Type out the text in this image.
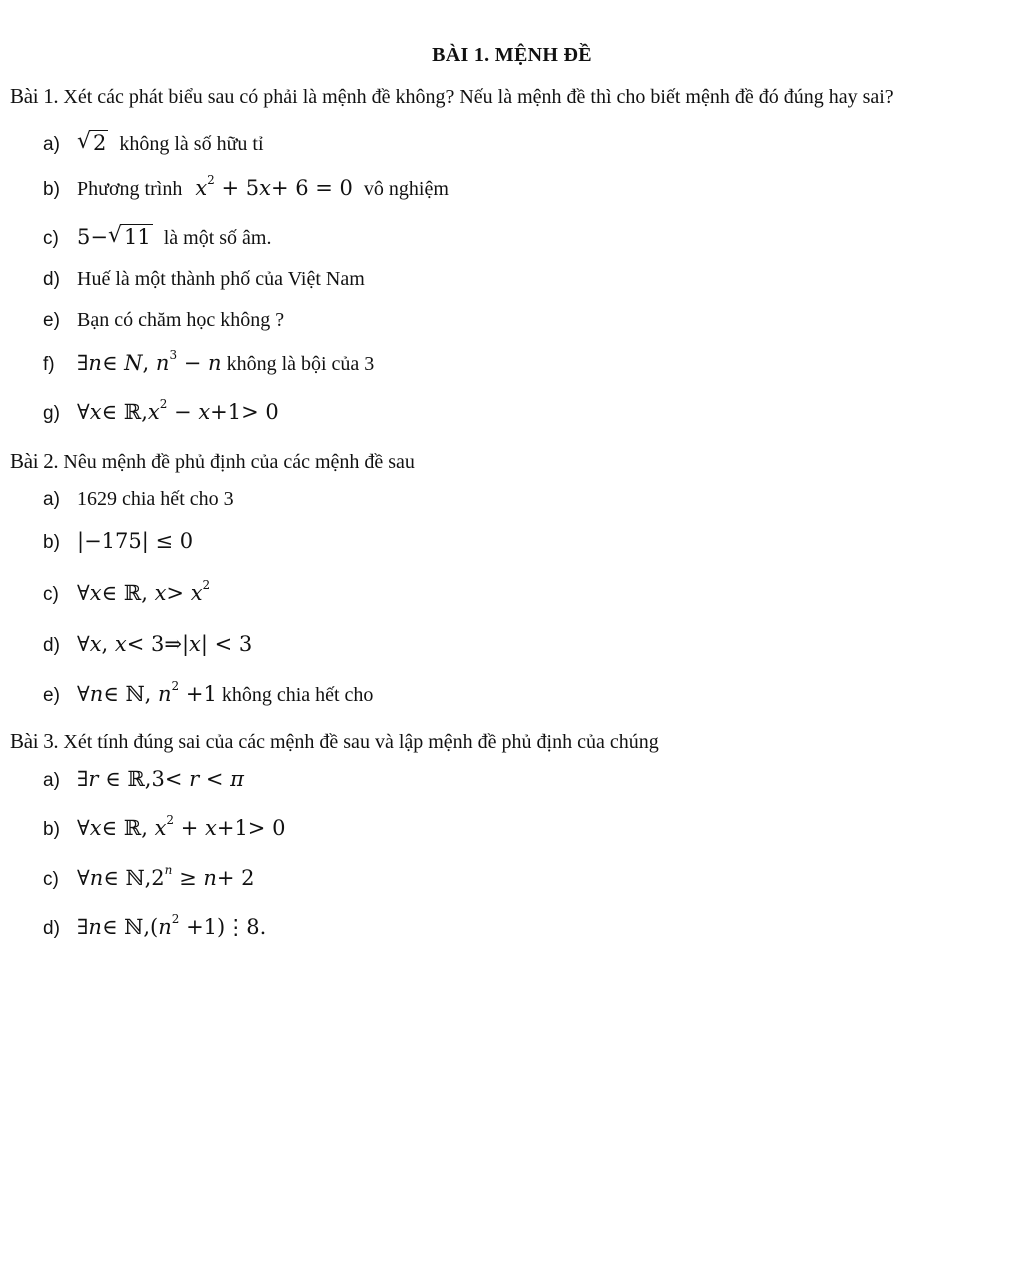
BÀI 1. MỆNH ĐỀ
Bài 1. Xét các phát biểu sau có phải là mệnh đề không? Nếu là mệnh đề thì cho biết mệnh đề đó đúng hay sai?
a) √ 2 không là số hữu tỉ
b) Phương trình $x^2 + 5x+ 6 = 0$ vô nghiệm
c) 5− √ 11 là một số âm.
d) Huế là một thành phố của Việt Nam
e) Bạn có chăm học không ?
f) ∃n∈ N, $n^3 - n$ không là bội của 3
g) ∀x∈ $ℝ,x^2 - x+1> 0$
Bài 2. Nêu mệnh đề phủ định của các mệnh đề sau
a) 1629 chia hết cho 3
b) |−175| ≤ 0
c) ∀x∈ ℝ, $x> x^2$
d) ∀x, x< 3⇒|x| < 3
e) ∀n∈ ℕ, $n^2 +1$ không chia hết cho
Bài 3. Xét tính đúng sai của các mệnh đề sau và lập mệnh đề phủ định của chúng
a) ∃r ∈ ℝ,3< r < π
b) ∀x∈ ℝ, $x^2 + x+1> 0$
c) ∀n∈ $ℕ,2^n \ge n+ 2$
d) ∃n∈ $ℕ,(n^2$ +1)⋮8.
